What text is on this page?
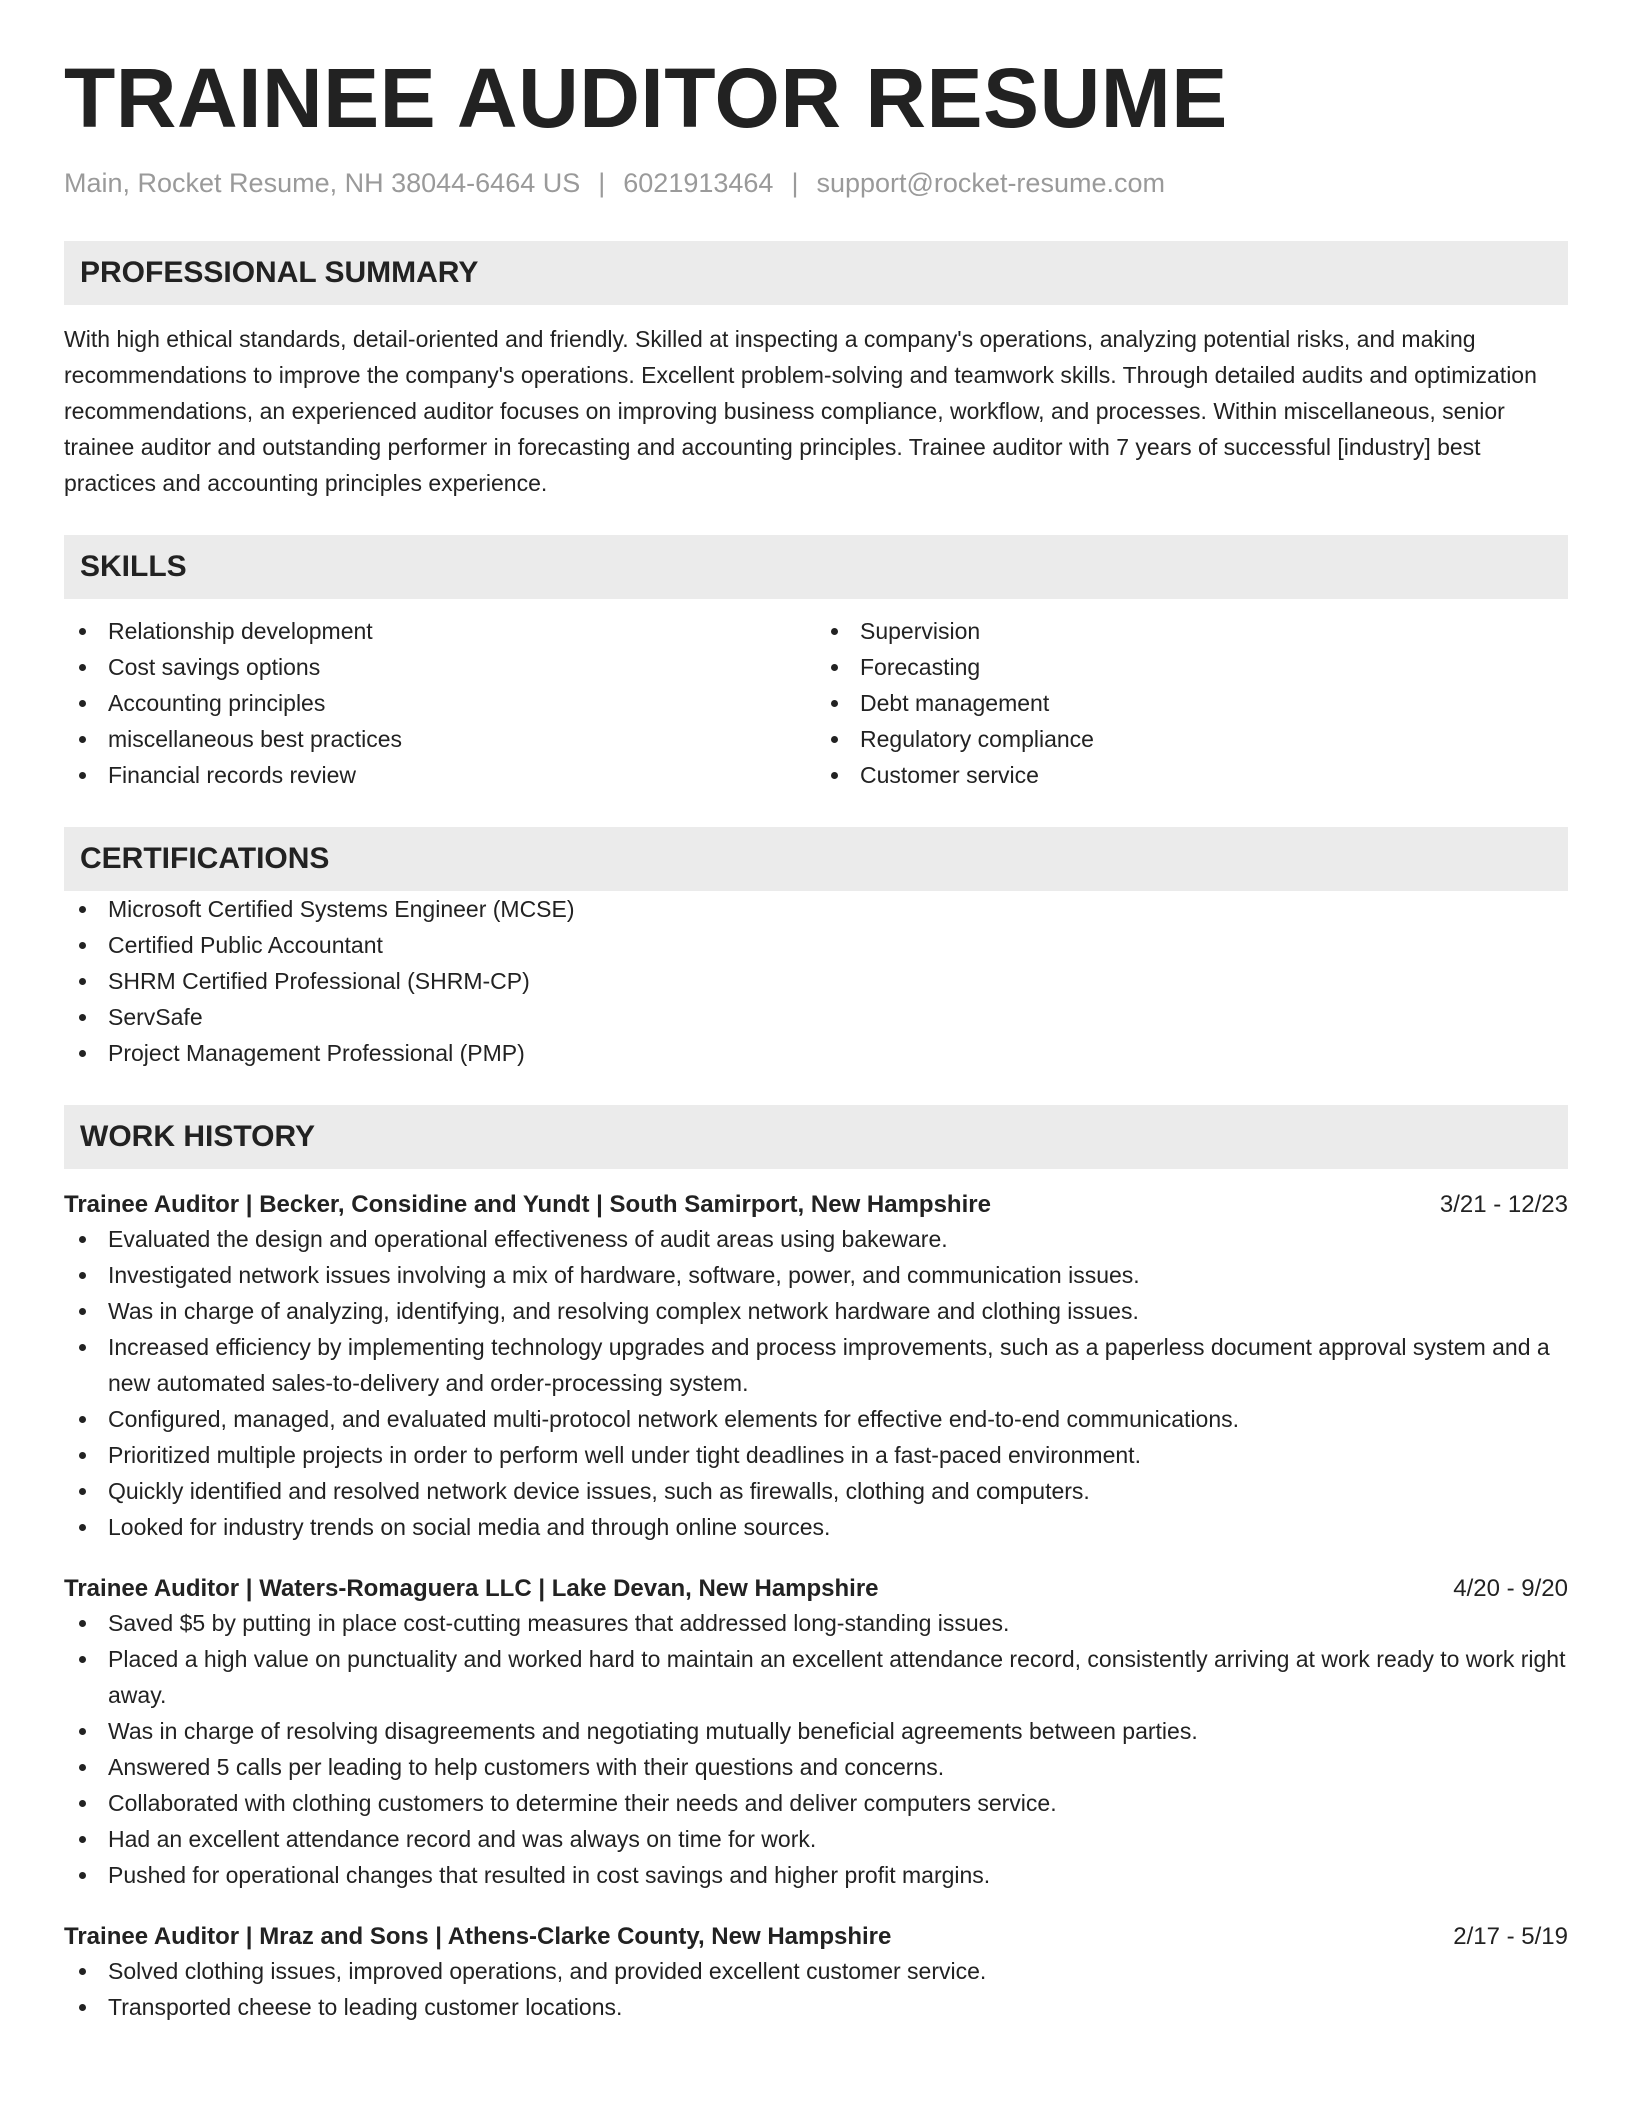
TRAINEE AUDITOR RESUME
Main, Rocket Resume, NH 38044-6464 US | 6021913464 | support@rocket-resume.com
PROFESSIONAL SUMMARY
With high ethical standards, detail-oriented and friendly. Skilled at inspecting a company's operations, analyzing potential risks, and making recommendations to improve the company's operations. Excellent problem-solving and teamwork skills. Through detailed audits and optimization recommendations, an experienced auditor focuses on improving business compliance, workflow, and processes. Within miscellaneous, senior trainee auditor and outstanding performer in forecasting and accounting principles. Trainee auditor with 7 years of successful [industry] best practices and accounting principles experience.
SKILLS
Relationship development
Cost savings options
Accounting principles
miscellaneous best practices
Financial records review
Supervision
Forecasting
Debt management
Regulatory compliance
Customer service
CERTIFICATIONS
Microsoft Certified Systems Engineer (MCSE)
Certified Public Accountant
SHRM Certified Professional (SHRM-CP)
ServSafe
Project Management Professional (PMP)
WORK HISTORY
Trainee Auditor | Becker, Considine and Yundt | South Samirport, New Hampshire	3/21 - 12/23
Evaluated the design and operational effectiveness of audit areas using bakeware.
Investigated network issues involving a mix of hardware, software, power, and communication issues.
Was in charge of analyzing, identifying, and resolving complex network hardware and clothing issues.
Increased efficiency by implementing technology upgrades and process improvements, such as a paperless document approval system and a new automated sales-to-delivery and order-processing system.
Configured, managed, and evaluated multi-protocol network elements for effective end-to-end communications.
Prioritized multiple projects in order to perform well under tight deadlines in a fast-paced environment.
Quickly identified and resolved network device issues, such as firewalls, clothing and computers.
Looked for industry trends on social media and through online sources.
Trainee Auditor | Waters-Romaguera LLC | Lake Devan, New Hampshire	4/20 - 9/20
Saved $5 by putting in place cost-cutting measures that addressed long-standing issues.
Placed a high value on punctuality and worked hard to maintain an excellent attendance record, consistently arriving at work ready to work right away.
Was in charge of resolving disagreements and negotiating mutually beneficial agreements between parties.
Answered 5 calls per leading to help customers with their questions and concerns.
Collaborated with clothing customers to determine their needs and deliver computers service.
Had an excellent attendance record and was always on time for work.
Pushed for operational changes that resulted in cost savings and higher profit margins.
Trainee Auditor | Mraz and Sons | Athens-Clarke County, New Hampshire	2/17 - 5/19
Solved clothing issues, improved operations, and provided excellent customer service.
Transported cheese to leading customer locations.
